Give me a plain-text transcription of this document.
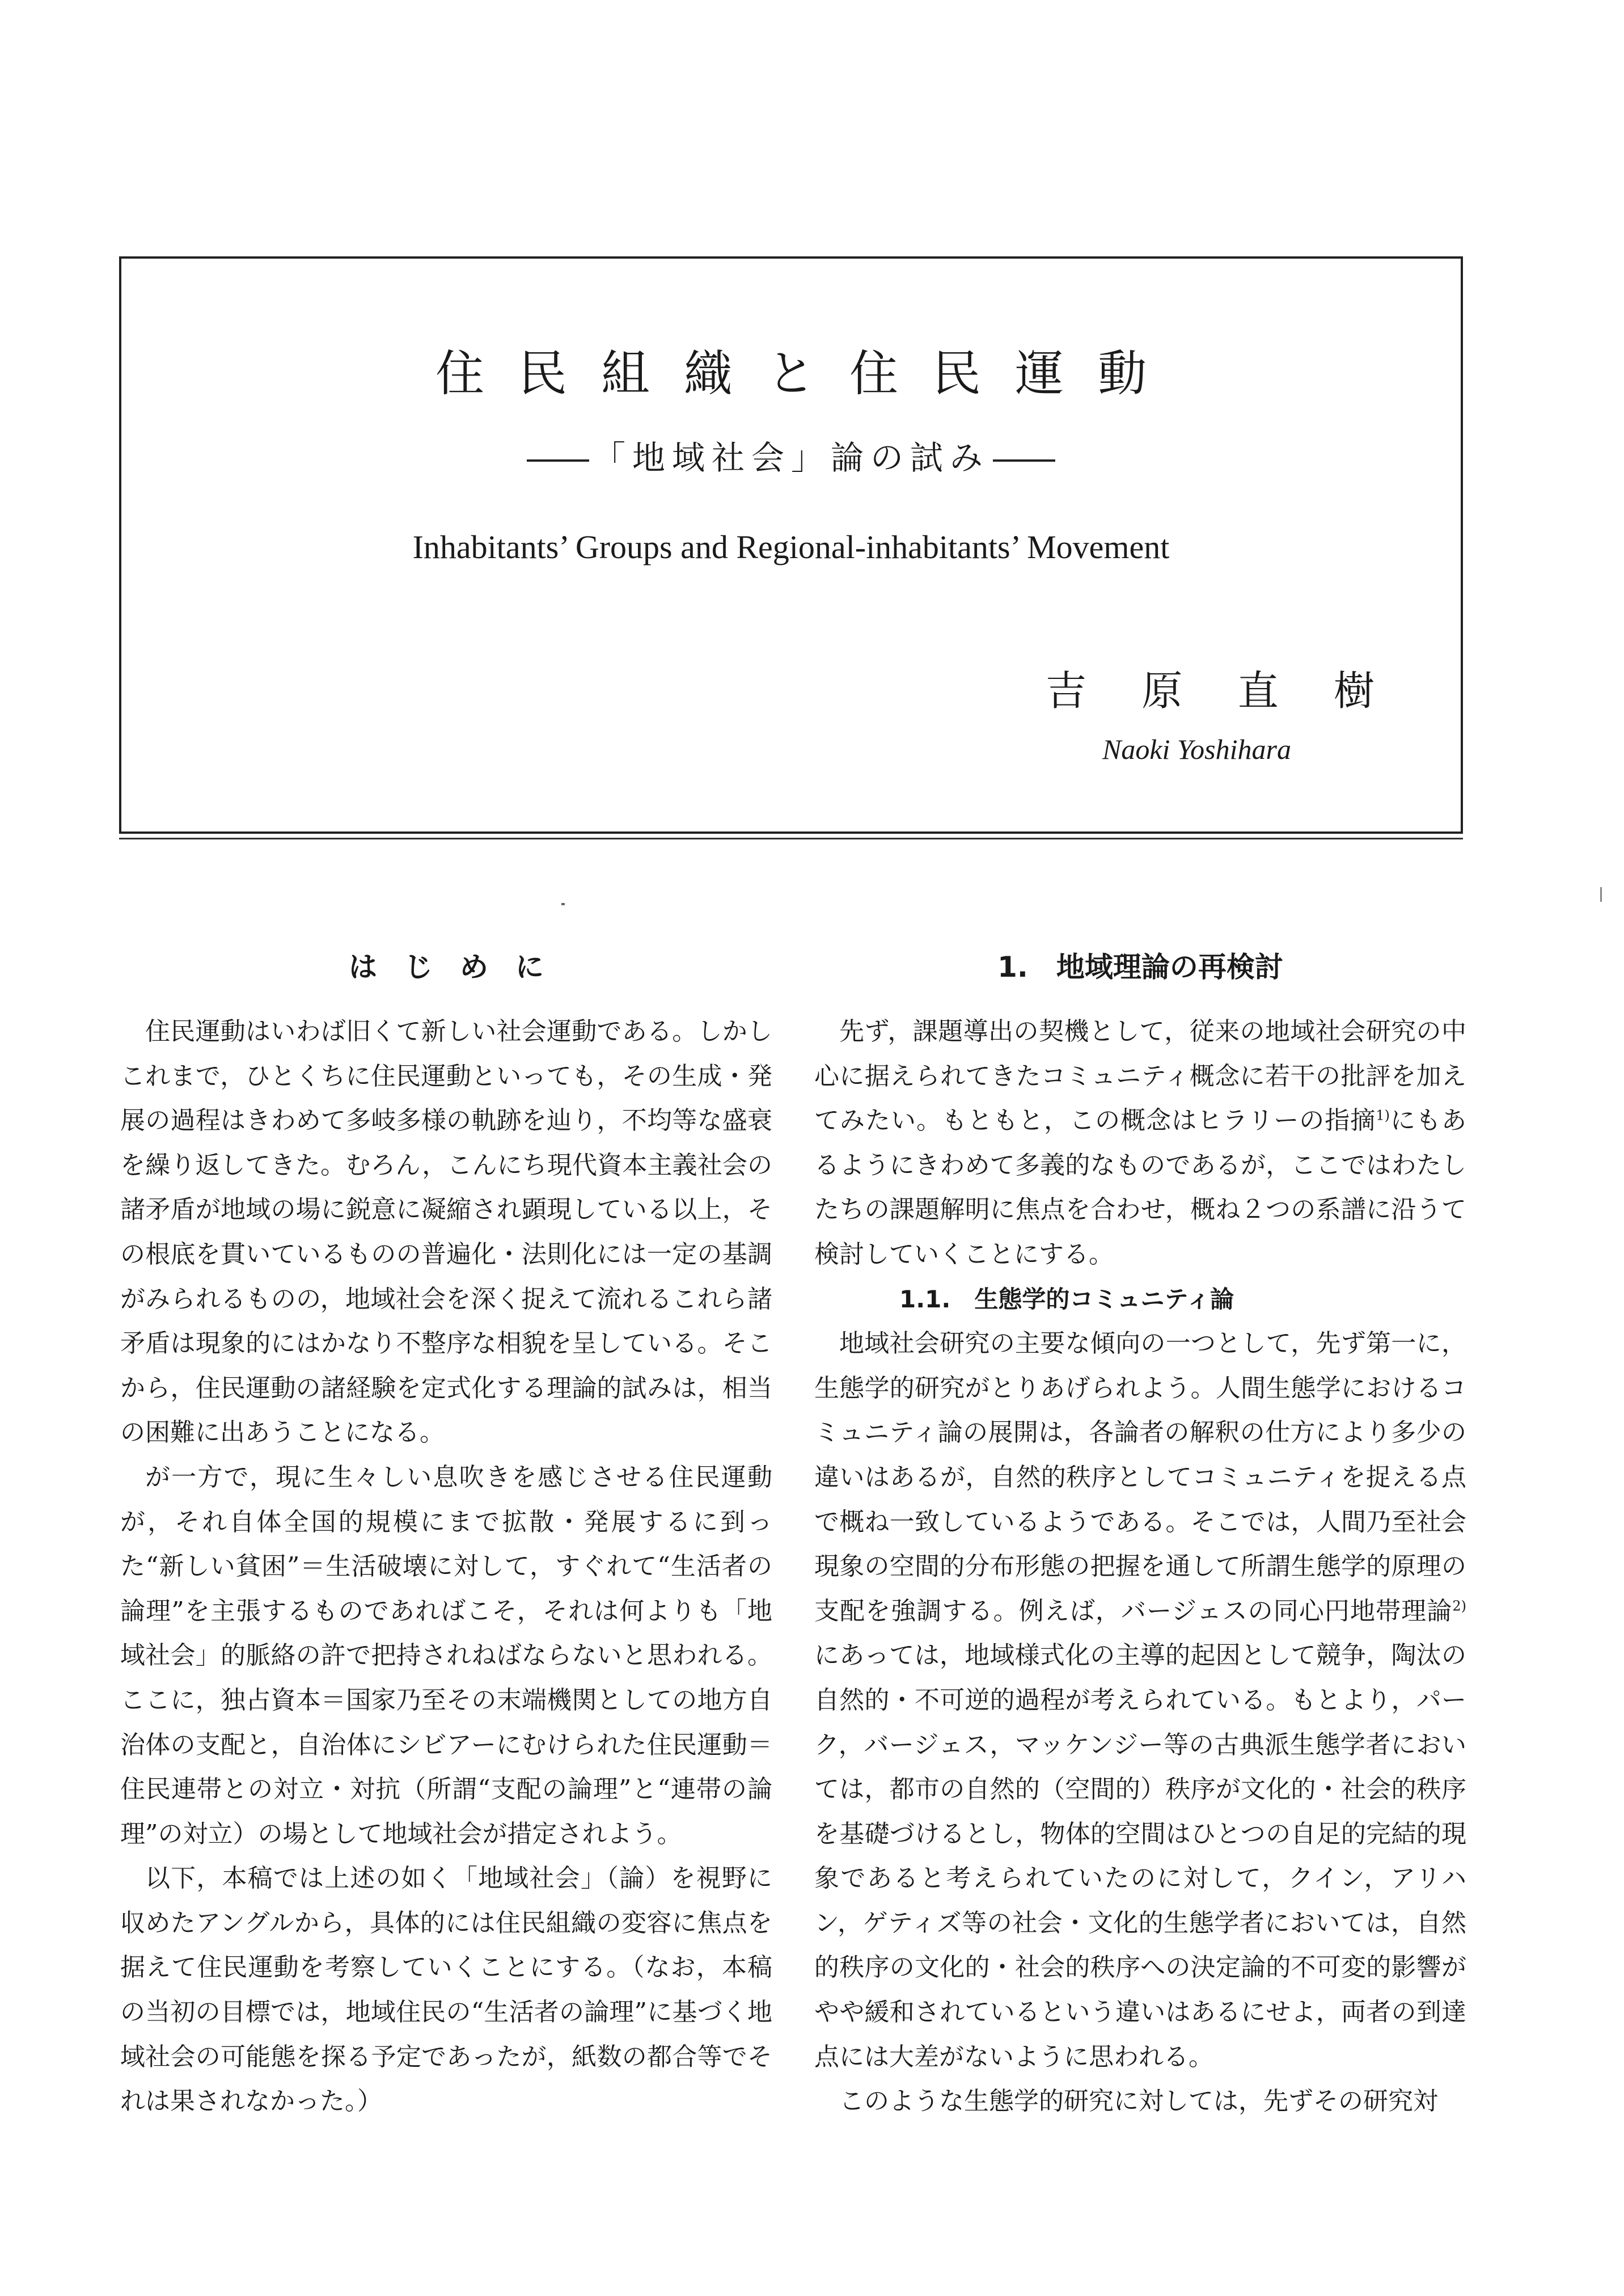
住民組織と住民運動
「地域社会」論の試み
Inhabitants’ Groups and Regional-inhabitants’ Movement
吉 原 直 樹
Naoki Yoshihara
はじめに

住民運動はいわば旧くて新しい社会運動である。しかしこれまで，ひとくちに住民運動といっても，その生成・発展の過程はきわめて多岐多様の軌跡を辿り，不均等な盛衰を繰り返してきた。むろん，こんにち現代資本主義社会の諸矛盾が地域の場に鋭意に凝縮され顕現している以上，その根底を貫いているものの普遍化・法則化には一定の基調がみられるものの，地域社会を深く捉えて流れるこれら諸矛盾は現象的にはかなり不整序な相貌を呈している。そこから，住民運動の諸経験を定式化する理論的試みは，相当の困難に出あうことになる。

が一方で，現に生々しい息吹きを感じさせる住民運動が，それ自体全国的規模にまで拡散・発展するに到った“新しい貧困”＝生活破壊に対して，すぐれて“生活者の論理”を主張するものであればこそ，それは何よりも「地域社会」的脈絡の許で把持されねばならないと思われる。ここに，独占資本＝国家乃至その末端機関としての地方自治体の支配と，自治体にシビアーにむけられた住民運動＝住民連帯との対立・対抗（所謂“支配の論理”と“連帯の論理”の対立）の場として地域社会が措定されよう。

以下，本稿では上述の如く「地域社会」（論）を視野に収めたアングルから，具体的には住民組織の変容に焦点を据えて住民運動を考察していくことにする。（なお，本稿の当初の目標では，地域住民の“生活者の論理”に基づく地域社会の可能態を探る予定であったが，紙数の都合等でそれは果されなかった。）

1.　地域理論の再検討

先ず，課題導出の契機として，従来の地域社会研究の中心に据えられてきたコミュニティ概念に若干の批評を加えてみたい。もともと，この概念はヒラリーの指摘$^{1)}$にもあるようにきわめて多義的なものであるが，ここではわたしたちの課題解明に焦点を合わせ，概ね２つの系譜に沿うて検討していくことにする。

1.1.　生態学的コミュニティ論

地域社会研究の主要な傾向の一つとして，先ず第一に，生態学的研究がとりあげられよう。人間生態学におけるコミュニティ論の展開は，各論者の解釈の仕方により多少の違いはあるが，自然的秩序としてコミュニティを捉える点で概ね一致しているようである。そこでは，人間乃至社会現象の空間的分布形態の把握を通して所謂生態学的原理の支配を強調する。例えば，バージェスの同心円地帯理論$^{2)}$にあっては，地域様式化の主導的起因として競争，陶汰の自然的・不可逆的過程が考えられている。もとより，パーク，バージェス，マッケンジー等の古典派生態学者においては，都市の自然的（空間的）秩序が文化的・社会的秩序を基礎づけるとし，物体的空間はひとつの自足的完結的現象であると考えられていたのに対して，クイン，アリハン，ゲティズ等の社会・文化的生態学者においては，自然的秩序の文化的・社会的秩序への決定論的不可変的影響がやや緩和されているという違いはあるにせよ，両者の到達点には大差がないように思われる。

このような生態学的研究に対しては，先ずその研究対
